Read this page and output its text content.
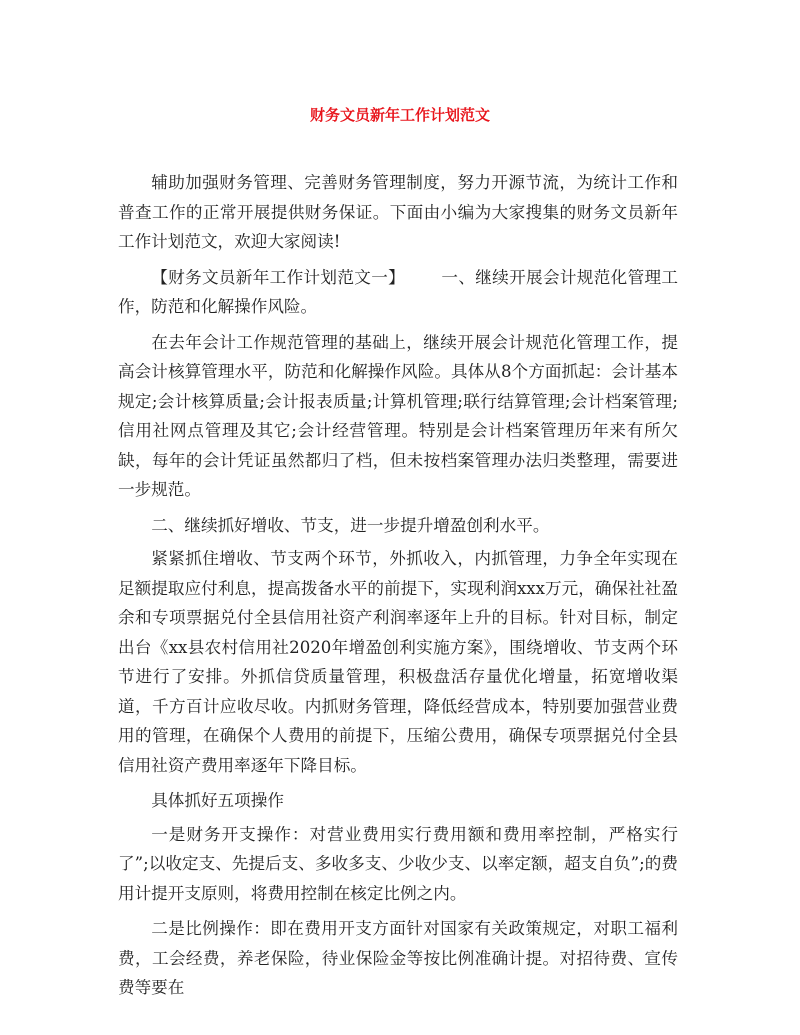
财务文员新年工作计划范文

辅助加强财务管理、完善财务管理制度，努力开源节流，为统计工作和普查工作的正常开展提供财务保证。下面由小编为大家搜集的财务文员新年工作计划范文，欢迎大家阅读!

【财务文员新年工作计划范文一】 一、继续开展会计规范化管理工作，防范和化解操作风险。

在去年会计工作规范管理的基础上，继续开展会计规范化管理工作，提高会计核算管理水平，防范和化解操作风险。具体从8个方面抓起：会计基本规定;会计核算质量;会计报表质量;计算机管理;联行结算管理;会计档案管理;信用社网点管理及其它;会计经营管理。特别是会计档案管理历年来有所欠缺，每年的会计凭证虽然都归了档，但未按档案管理办法归类整理，需要进一步规范。

二、继续抓好增收、节支，进一步提升增盈创利水平。

紧紧抓住增收、节支两个环节，外抓收入，内抓管理，力争全年实现在足额提取应付利息，提高拨备水平的前提下，实现利润xxx万元，确保社社盈余和专项票据兑付全县信用社资产利润率逐年上升的目标。针对目标，制定出台《xx县农村信用社2020年增盈创利实施方案》，围绕增收、节支两个环节进行了安排。外抓信贷质量管理，积极盘活存量优化增量，拓宽增收渠道，千方百计应收尽收。内抓财务管理，降低经营成本，特别要加强营业费用的管理，在确保个人费用的前提下，压缩公费用，确保专项票据兑付全县信用社资产费用率逐年下降目标。

具体抓好五项操作

一是财务开支操作：对营业费用实行费用额和费用率控制，严格实行了”;以收定支、先提后支、多收多支、少收少支、以率定额，超支自负”;的费用计提开支原则，将费用控制在核定比例之内。

二是比例操作：即在费用开支方面针对国家有关政策规定，对职工福利费，工会经费，养老保险，待业保险金等按比例准确计提。对招待费、宣传费等要在
